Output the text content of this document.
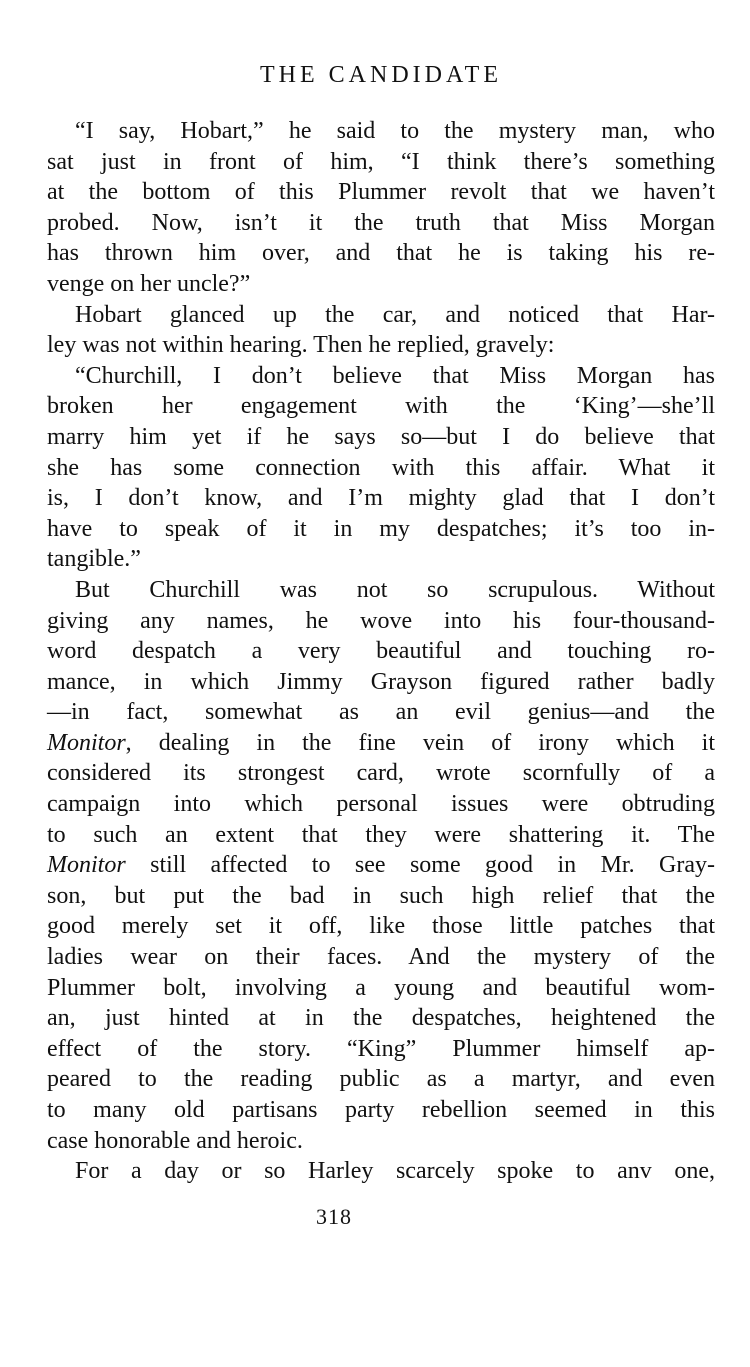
THE CANDIDATE
“I say, Hobart,” he said to the mystery man, who
sat just in front of him, “I think there’s something
at the bottom of this Plummer revolt that we haven’t
probed. Now, isn’t it the truth that Miss Morgan
has thrown him over, and that he is taking his re-
venge on her uncle?”
Hobart glanced up the car, and noticed that Har-
ley was not within hearing. Then he replied, gravely:
“Churchill, I don’t believe that Miss Morgan has
broken her engagement with the ‘King’—she’ll
marry him yet if he says so—but I do believe that
she has some connection with this affair. What it
is, I don’t know, and I’m mighty glad that I don’t
have to speak of it in my despatches; it’s too in-
tangible.”
But Churchill was not so scrupulous. Without
giving any names, he wove into his four-thousand-
word despatch a very beautiful and touching ro-
mance, in which Jimmy Grayson figured rather badly
—in fact, somewhat as an evil genius—and the
Monitor, dealing in the fine vein of irony which it
considered its strongest card, wrote scornfully of a
campaign into which personal issues were obtruding
to such an extent that they were shattering it. The
Monitor still affected to see some good in Mr. Gray-
son, but put the bad in such high relief that the
good merely set it off, like those little patches that
ladies wear on their faces. And the mystery of the
Plummer bolt, involving a young and beautiful wom-
an, just hinted at in the despatches, heightened the
effect of the story. “King” Plummer himself ap-
peared to the reading public as a martyr, and even
to many old partisans party rebellion seemed in this
case honorable and heroic.
For a day or so Harley scarcely spoke to anv one,
318
